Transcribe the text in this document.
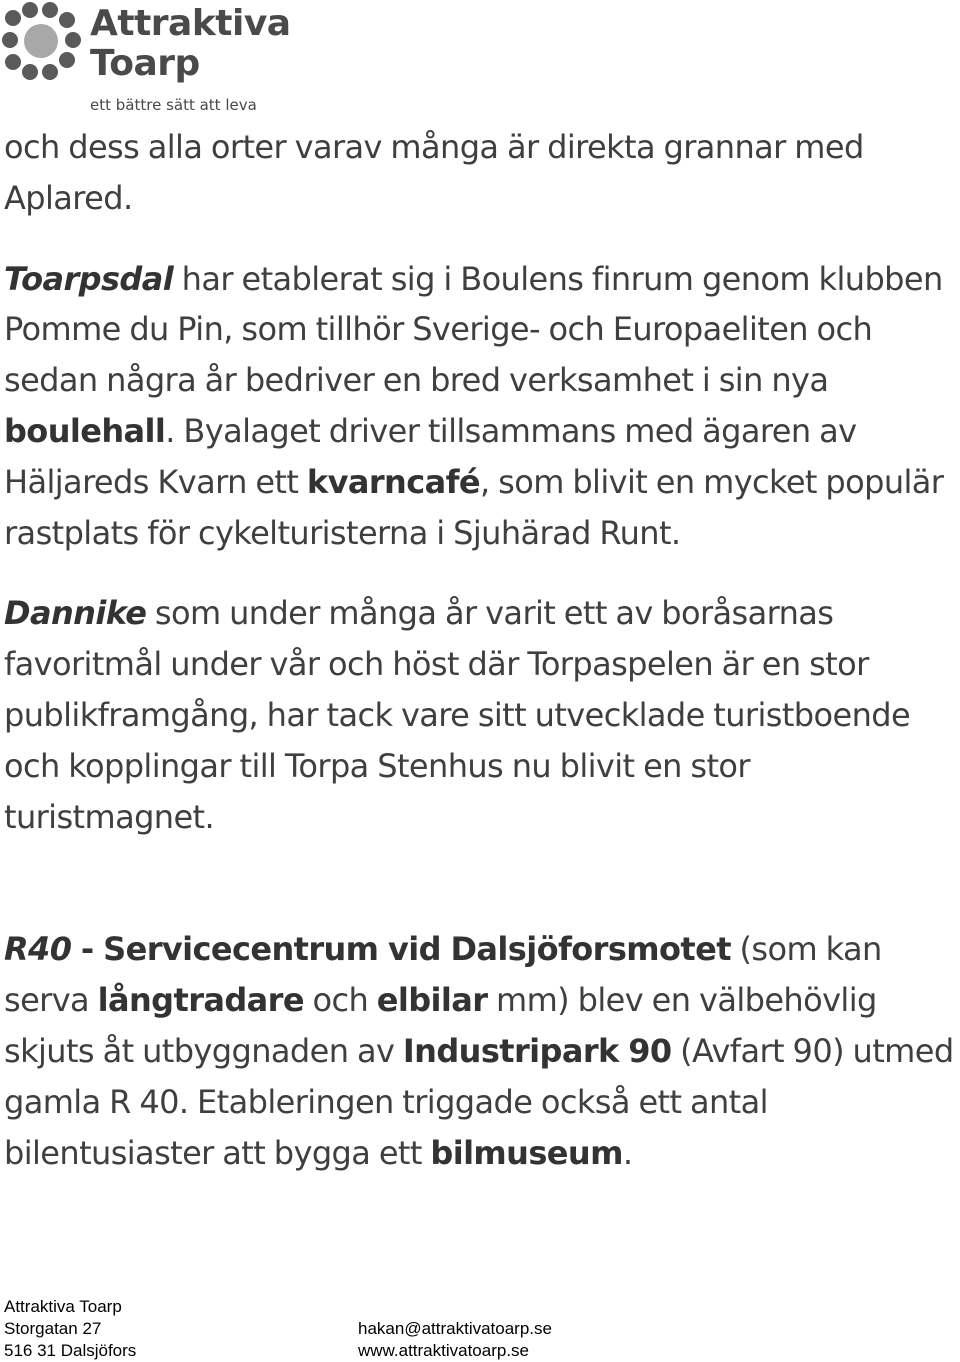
Attraktiva
Toarp
ett bättre sätt att leva

och dess alla orter varav många är direkta grannar med Aplared.

Toarpsdal har etablerat sig i Boulens finrum genom klubben Pomme du Pin, som tillhör Sverige- och Europaeliten och sedan några år bedriver en bred verksamhet i sin nya boulehall. Byalaget driver tillsammans med ägaren av Häljareds Kvarn ett kvarncafé, som blivit en mycket populär rastplats för cykelturisterna i Sjuhärad Runt.

Dannike som under många år varit ett av boråsarnas favoritmål under vår och höst där Torpaspelen är en stor publikframgång, har tack vare sitt utvecklade turistboende och kopplingar till Torpa Stenhus nu blivit en stor turistmagnet.

R40 - Servicecentrum vid Dalsjöforsmotet (som kan serva långtradare och elbilar mm) blev en välbehövlig skjuts åt utbyggnaden av Industripark 90 (Avfart 90) utmed gamla R 40. Etableringen triggade också ett antal bilentusiaster att bygga ett bilmuseum.

Attraktiva Toarp
Storgatan 27
516 31 Dalsjöfors
hakan@attraktivatoarp.se
www.attraktivatoarp.se
